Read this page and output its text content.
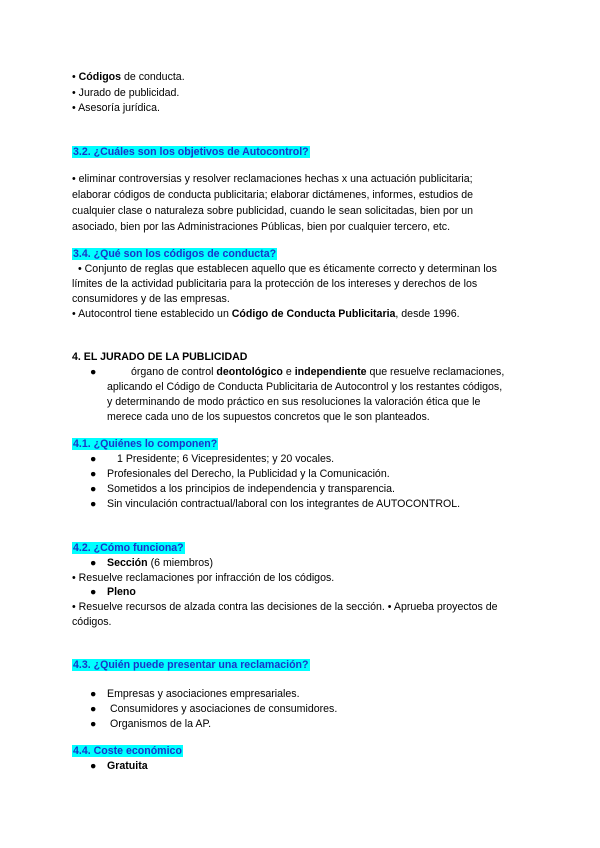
• Códigos de conducta.
• Jurado de publicidad.
• Asesoría jurídica.
3.2. ¿Cuáles son los objetivos de Autocontrol?
• eliminar controversias y resolver reclamaciones hechas x una actuación publicitaria;
elaborar códigos de conducta publicitaria; elaborar dictámenes, informes, estudios de
cualquier clase o naturaleza sobre publicidad, cuando le sean solicitadas, bien por un
asociado, bien por las Administraciones Públicas, bien por cualquier tercero, etc.
3.4. ¿Qué son los códigos de conducta?
• Conjunto de reglas que establecen aquello que es éticamente correcto y determinan los
límites de la actividad publicitaria para la protección de los intereses y derechos de los
consumidores y de las empresas.
• Autocontrol tiene establecido un Código de Conducta Publicitaria, desde 1996.
4. EL JURADO DE LA PUBLICIDAD
●	órgano de control deontológico e independiente que resuelve reclamaciones,
aplicando el Código de Conducta Publicitaria de Autocontrol y los restantes códigos,
y determinando de modo práctico en sus resoluciones la valoración ética que le
merece cada uno de los supuestos concretos que le son planteados.
4.1. ¿Quiénes lo componen?
● 1 Presidente; 6 Vicepresidentes; y 20 vocales.
● Profesionales del Derecho, la Publicidad y la Comunicación.
● Sometidos a los principios de independencia y transparencia.
● Sin vinculación contractual/laboral con los integrantes de AUTOCONTROL.
4.2. ¿Cómo funciona?
● Sección (6 miembros)
• Resuelve reclamaciones por infracción de los códigos.
● Pleno
• Resuelve recursos de alzada contra las decisiones de la sección. • Aprueba proyectos de
códigos.
4.3. ¿Quién puede presentar una reclamación?
● Empresas y asociaciones empresariales.
● Consumidores y asociaciones de consumidores.
● Organismos de la AP.
4.4. Coste económico
● Gratuita
